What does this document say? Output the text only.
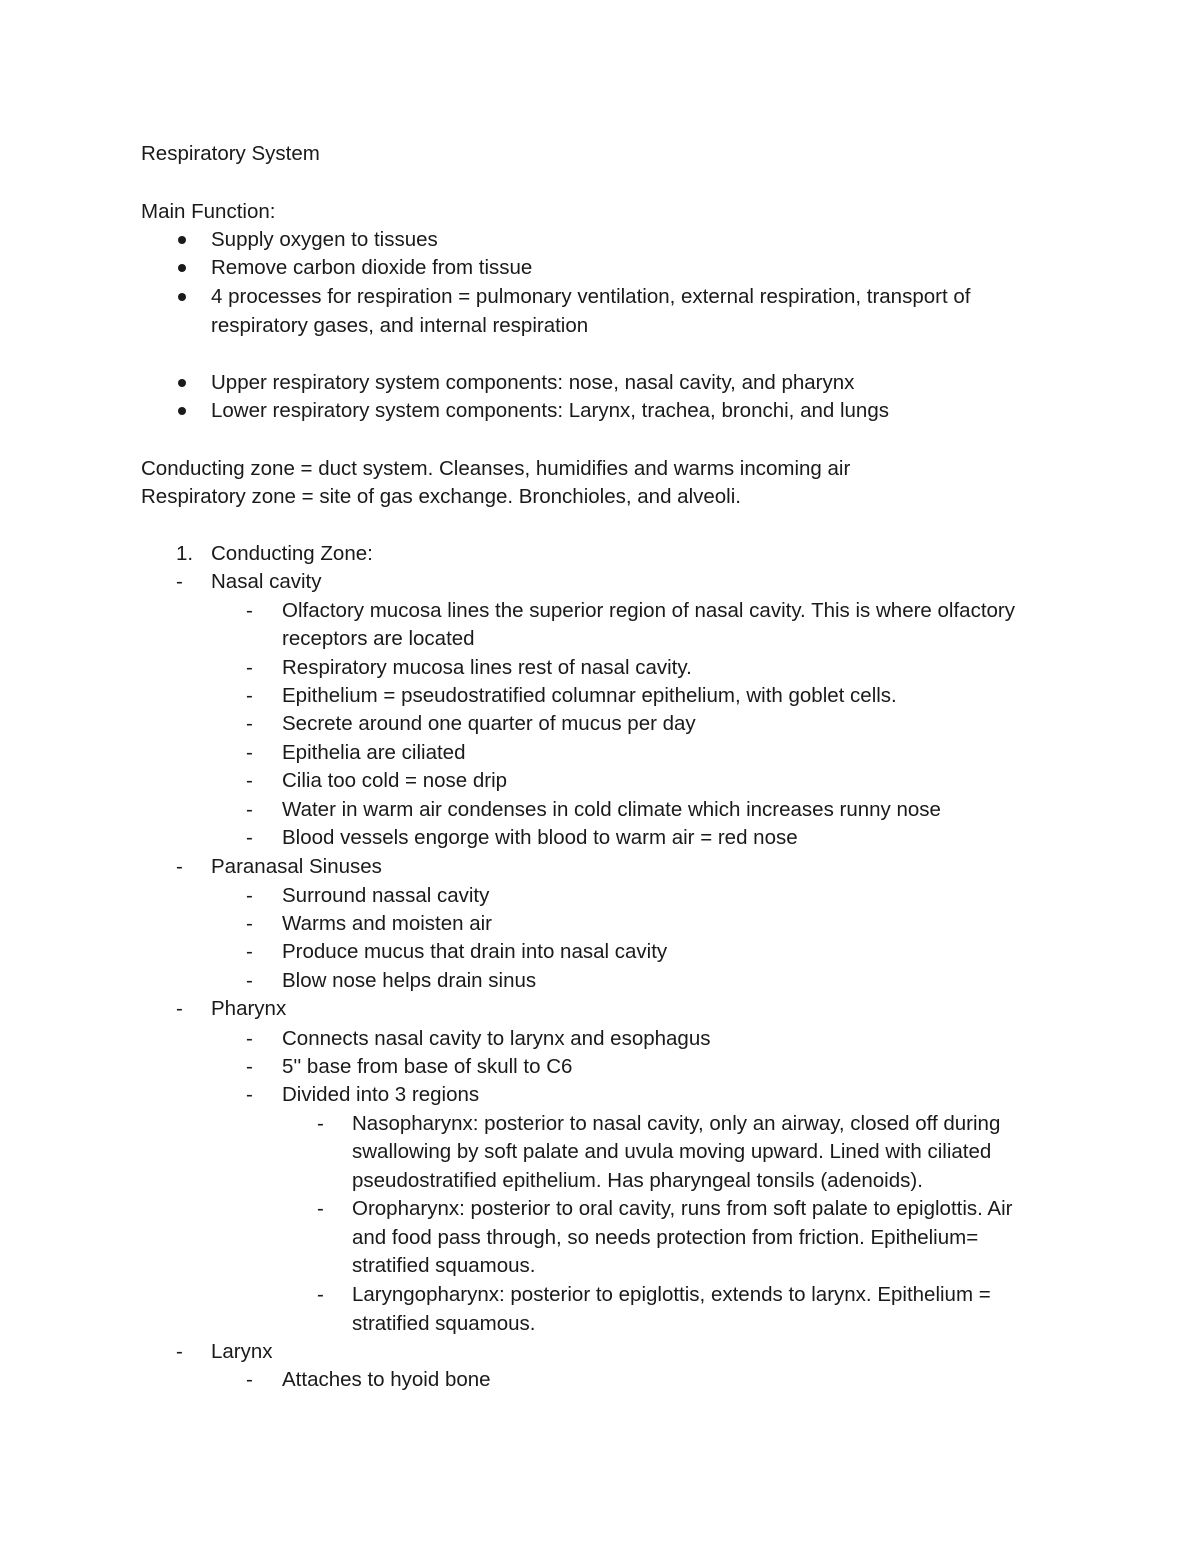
Respiratory System
Main Function:
Supply oxygen to tissues
Remove carbon dioxide from tissue
4 processes for respiration = pulmonary ventilation, external respiration, transport of
respiratory gases, and internal respiration
Upper respiratory system components: nose, nasal cavity, and pharynx
Lower respiratory system components: Larynx, trachea, bronchi, and lungs
Conducting zone = duct system. Cleanses, humidifies and warms incoming air
Respiratory zone = site of gas exchange. Bronchioles, and alveoli.
1. Conducting Zone:
- Nasal cavity
- Olfactory mucosa lines the superior region of nasal cavity. This is where olfactory
receptors are located
- Respiratory mucosa lines rest of nasal cavity.
- Epithelium = pseudostratified columnar epithelium, with goblet cells.
- Secrete around one quarter of mucus per day
- Epithelia are ciliated
- Cilia too cold = nose drip
- Water in warm air condenses in cold climate which increases runny nose
- Blood vessels engorge with blood to warm air = red nose
- Paranasal Sinuses
- Surround nassal cavity
- Warms and moisten air
- Produce mucus that drain into nasal cavity
- Blow nose helps drain sinus
- Pharynx
- Connects nasal cavity to larynx and esophagus
- 5'' base from base of skull to C6
- Divided into 3 regions
- Nasopharynx: posterior to nasal cavity, only an airway, closed off during
swallowing by soft palate and uvula moving upward. Lined with ciliated
pseudostratified epithelium. Has pharyngeal tonsils (adenoids).
- Oropharynx: posterior to oral cavity, runs from soft palate to epiglottis. Air
and food pass through, so needs protection from friction. Epithelium=
stratified squamous.
- Laryngopharynx: posterior to epiglottis, extends to larynx. Epithelium =
stratified squamous.
- Larynx
- Attaches to hyoid bone
